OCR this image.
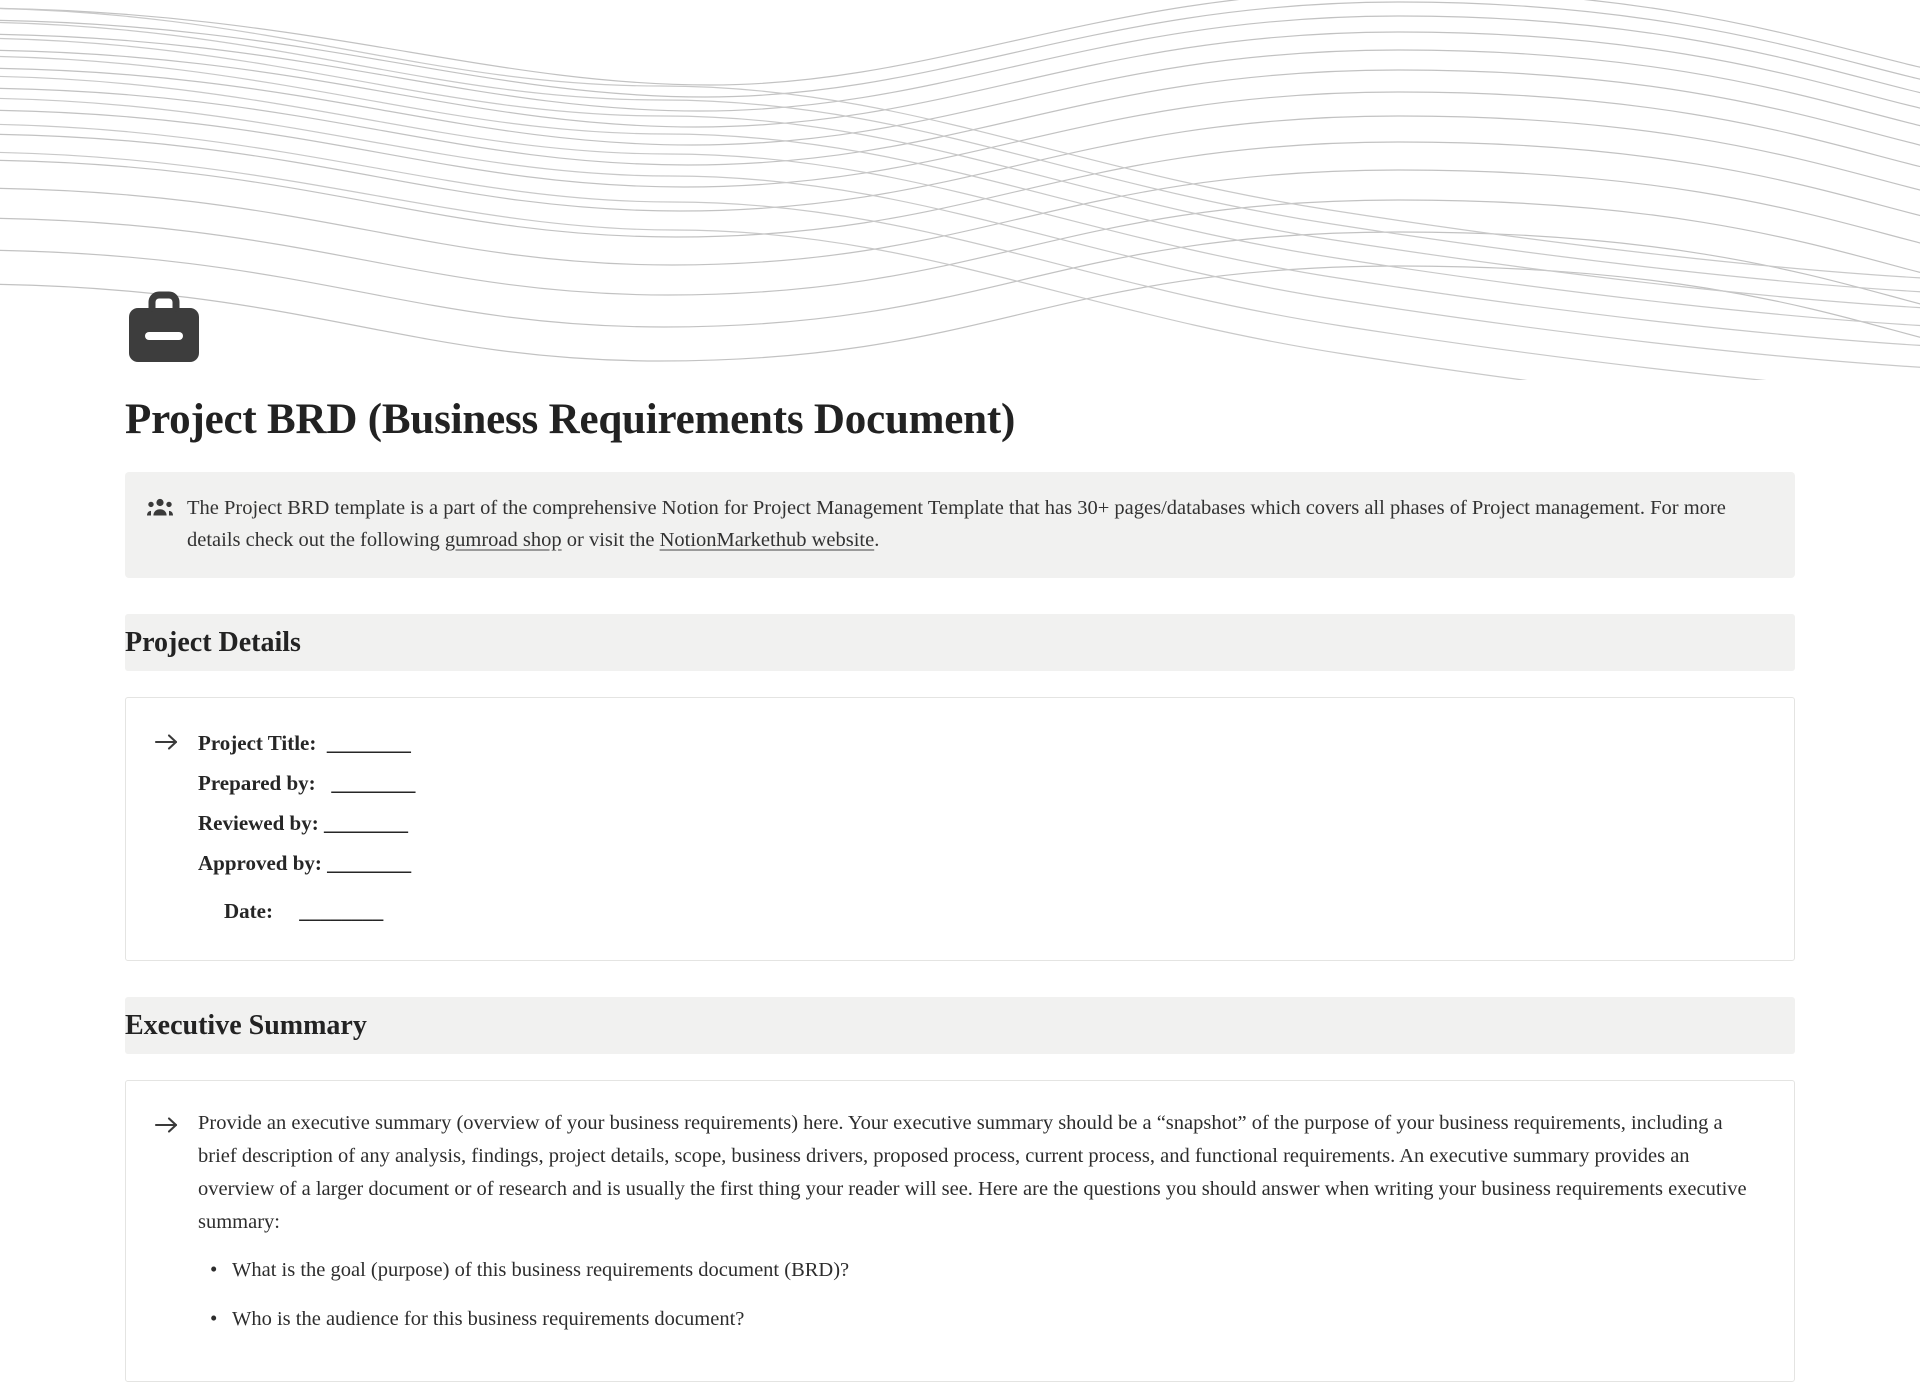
Project BRD (Business Requirements Document)
The Project BRD template is a part of the comprehensive Notion for Project Management Template that has 30+ pages/databases which covers all phases of Project management. For more details check out the following gumroad shop or visit the NotionMarkethub website.
Project Details
Project Title: ________
Prepared by: ________
Reviewed by: ________
Approved by: ________
Date: ________
Executive Summary

Provide an executive summary (overview of your business requirements) here. Your executive summary should be a “snapshot” of the purpose of your business requirements, including a brief description of any analysis, findings, project details, scope, business drivers, proposed process, current process, and functional requirements. An executive summary provides an overview of a larger document or of research and is usually the first thing your reader will see. Here are the questions you should answer when writing your business requirements executive summary:

• What is the goal (purpose) of this business requirements document (BRD)?
• Who is the audience for this business requirements document?
